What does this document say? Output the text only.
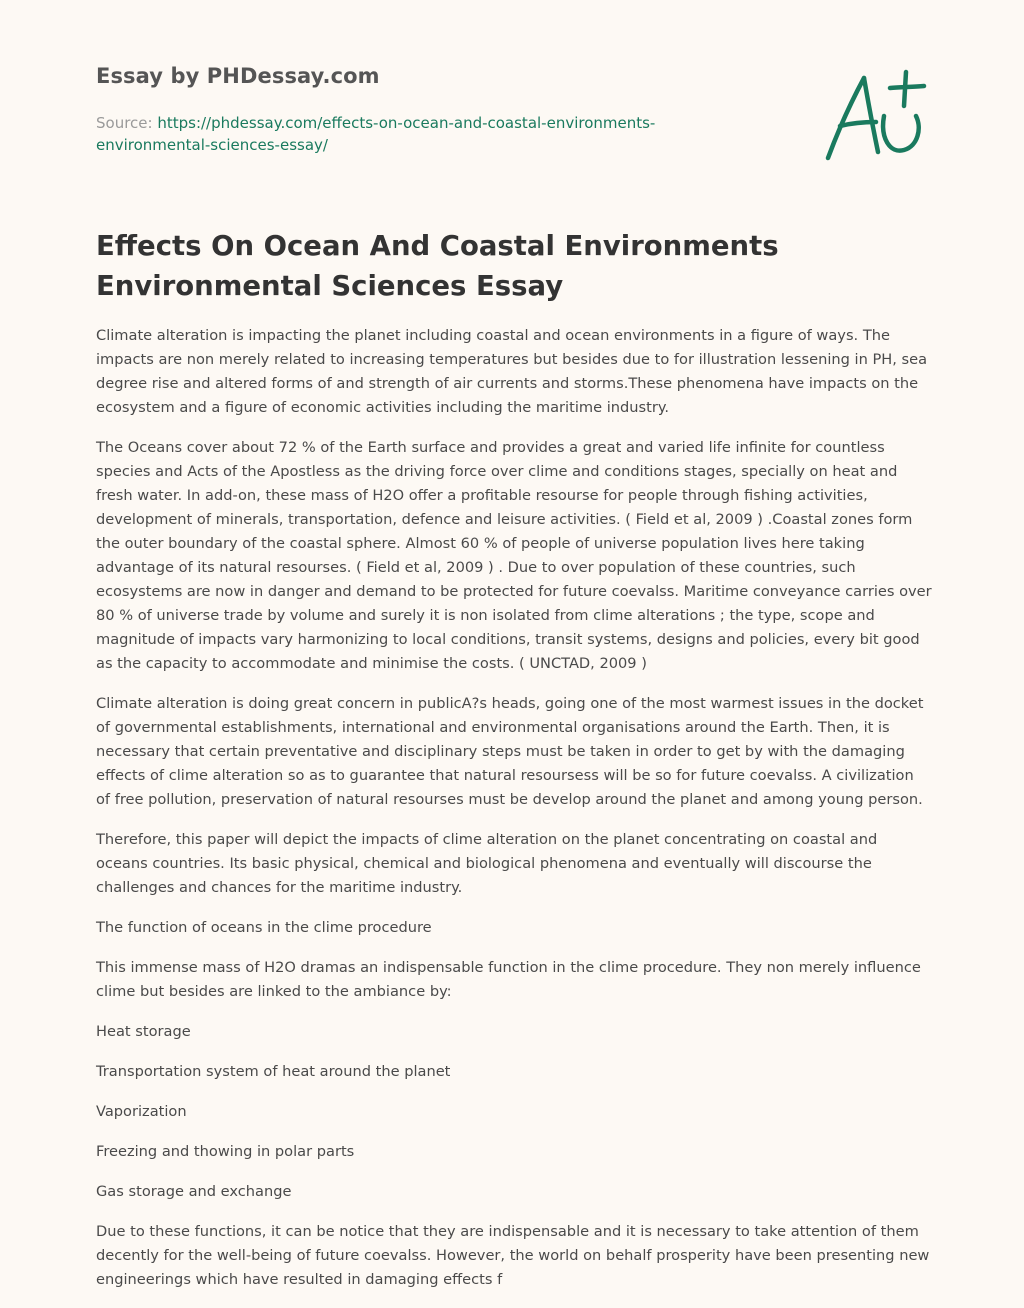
Essay by PHDessay.com
Source: https://phdessay.com/effects-on-ocean-and-coastal-environments-
environmental-sciences-essay/
Effects On Ocean And Coastal Environments
Environmental Sciences Essay

Climate alteration is impacting the planet including coastal and ocean environments in a figure of ways. The impacts are non merely related to increasing temperatures but besides due to for illustration lessening in PH, sea degree rise and altered forms of and strength of air currents and storms.These phenomena have impacts on the ecosystem and a figure of economic activities including the maritime industry.

The Oceans cover about 72 % of the Earth surface and provides a great and varied life infinite for countless species and Acts of the Apostless as the driving force over clime and conditions stages, specially on heat and fresh water. In add-on, these mass of H2O offer a profitable resourse for people through fishing activities, development of minerals, transportation, defence and leisure activities. ( Field et al, 2009 ) .Coastal zones form the outer boundary of the coastal sphere. Almost 60 % of people of universe population lives here taking advantage of its natural resourses. ( Field et al, 2009 ) . Due to over population of these countries, such ecosystems are now in danger and demand to be protected for future coevalss. Maritime conveyance carries over 80 % of universe trade by volume and surely it is non isolated from clime alterations ; the type, scope and magnitude of impacts vary harmonizing to local conditions, transit systems, designs and policies, every bit good as the capacity to accommodate and minimise the costs. ( UNCTAD, 2009 )

Climate alteration is doing great concern in publicA?s heads, going one of the most warmest issues in the docket of governmental establishments, international and environmental organisations around the Earth. Then, it is necessary that certain preventative and disciplinary steps must be taken in order to get by with the damaging effects of clime alteration so as to guarantee that natural resoursess will be so for future coevalss. A civilization of free pollution, preservation of natural resourses must be develop around the planet and among young person.

Therefore, this paper will depict the impacts of clime alteration on the planet concentrating on coastal and oceans countries. Its basic physical, chemical and biological phenomena and eventually will discourse the challenges and chances for the maritime industry.

The function of oceans in the clime procedure

This immense mass of H2O dramas an indispensable function in the clime procedure. They non merely influence clime but besides are linked to the ambiance by:

Heat storage

Transportation system of heat around the planet

Vaporization

Freezing and thowing in polar parts

Gas storage and exchange

Due to these functions, it can be notice that they are indispensable and it is necessary to take attention of them decently for the well-being of future coevalss. However, the world on behalf prosperity have been presenting new engineerings which have resulted in damaging effects f
